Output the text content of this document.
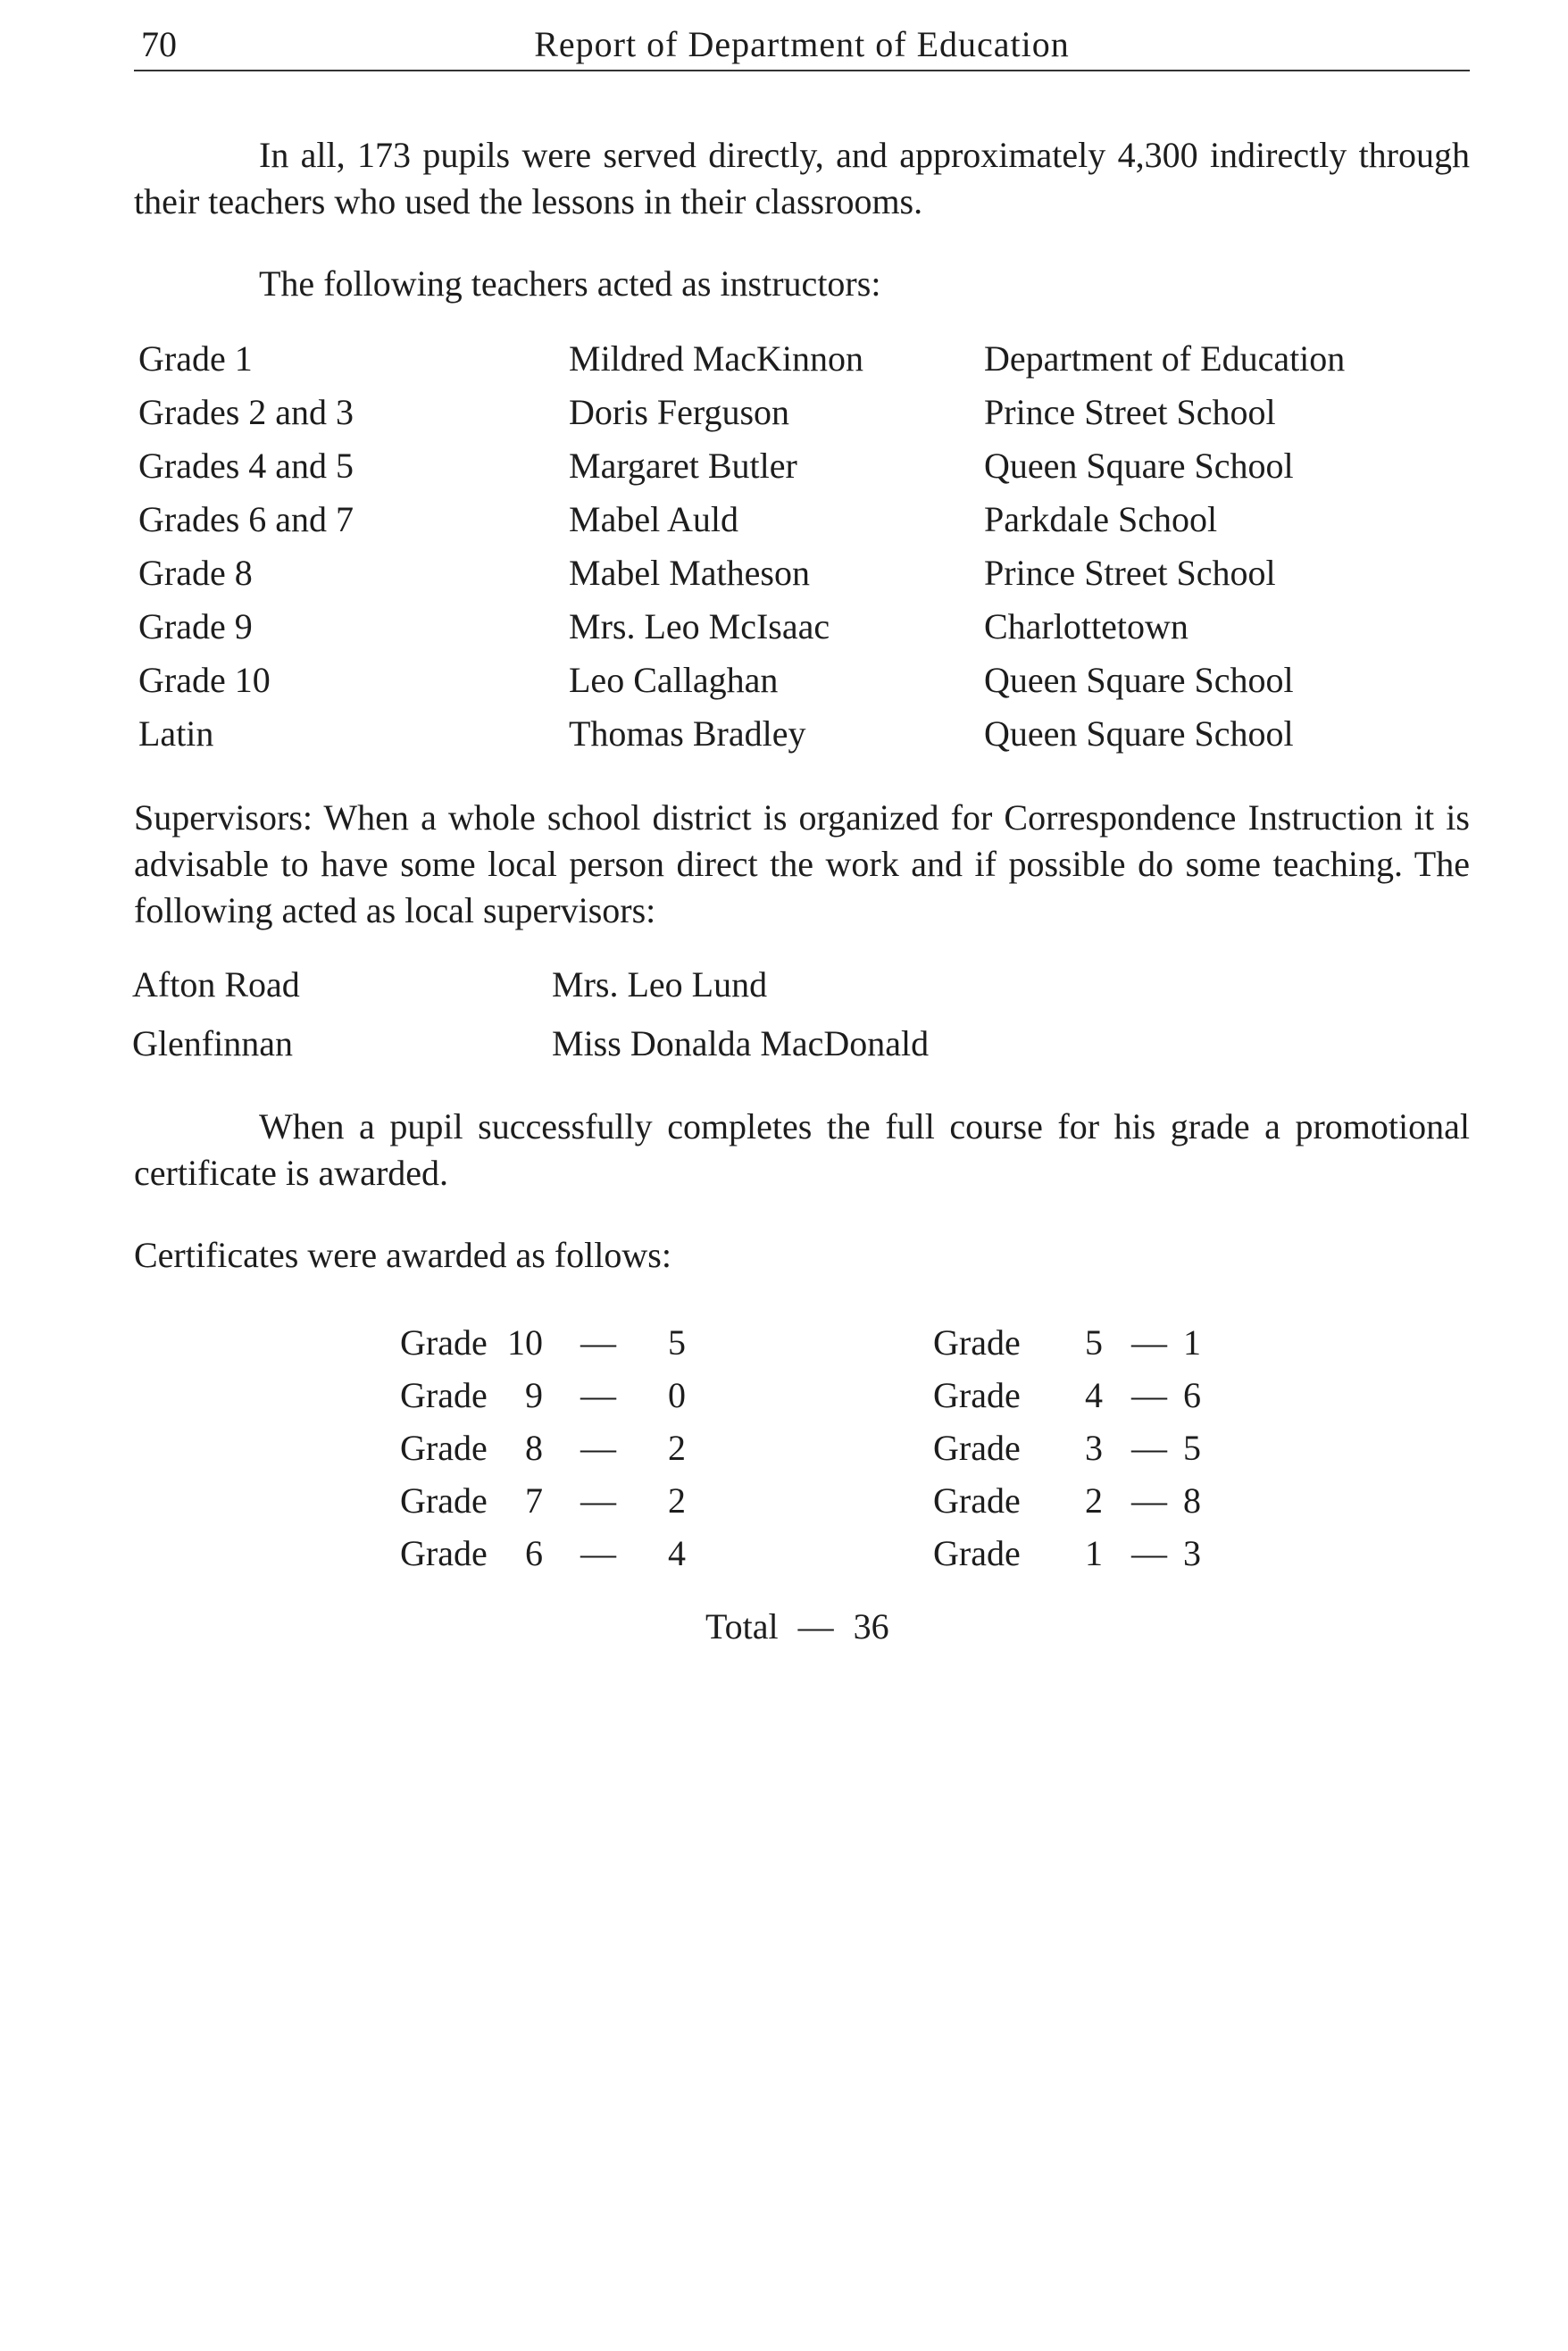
70	Report of Department of Education

In all, 173 pupils were served directly, and approximately 4,300 indirectly through their teachers who used the lessons in their classrooms.

The following teachers acted as instructors:

Grade 1	Mildred MacKinnon	Department of Education
Grades 2 and 3	Doris Ferguson	Prince Street School
Grades 4 and 5	Margaret Butler	Queen Square School
Grades 6 and 7	Mabel Auld	Parkdale School
Grade 8	Mabel Matheson	Prince Street School
Grade 9	Mrs. Leo McIsaac	Charlottetown
Grade 10	Leo Callaghan	Queen Square School
Latin	Thomas Bradley	Queen Square School

Supervisors: When a whole school district is organized for Correspondence Instruction it is advisable to have some local person direct the work and if possible do some teaching. The following acted as local supervisors:

Afton Road	Mrs. Leo Lund
Glenfinnan	Miss Donalda MacDonald

When a pupil successfully completes the full course for his grade a promotional certificate is awarded.

Certificates were awarded as follows:

Grade 10 — 5
Grade 9 — 0
Grade 8 — 2
Grade 7 — 2
Grade 6 — 4
Grade 5 — 1
Grade 4 — 6
Grade 3 — 5
Grade 2 — 8
Grade 1 — 3
Total — 36
